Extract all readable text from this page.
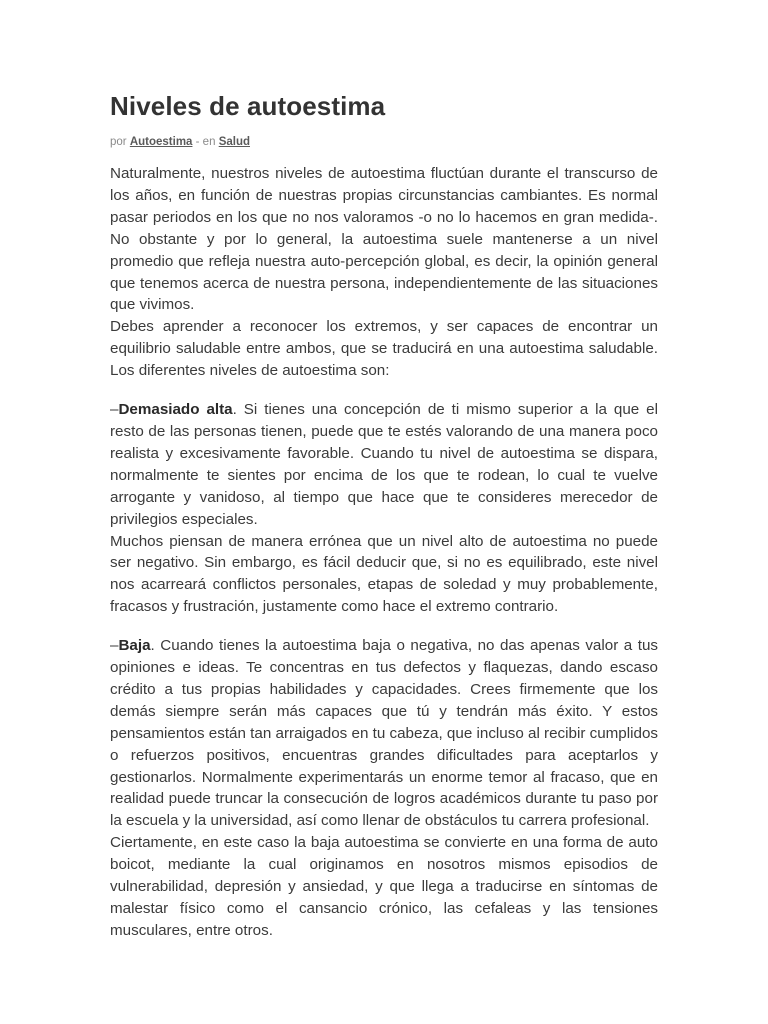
Niveles de autoestima
por Autoestima - en Salud

Naturalmente, nuestros niveles de autoestima fluctúan durante el transcurso de los años, en función de nuestras propias circunstancias cambiantes. Es normal pasar periodos en los que no nos valoramos -o no lo hacemos en gran medida-. No obstante y por lo general, la autoestima suele mantenerse a un nivel promedio que refleja nuestra auto-percepción global, es decir, la opinión general que tenemos acerca de nuestra persona, independientemente de las situaciones que vivimos.

Debes aprender a reconocer los extremos, y ser capaces de encontrar un equilibrio saludable entre ambos, que se traducirá en una autoestima saludable. Los diferentes niveles de autoestima son:

–Demasiado alta. Si tienes una concepción de ti mismo superior a la que el resto de las personas tienen, puede que te estés valorando de una manera poco realista y excesivamente favorable. Cuando tu nivel de autoestima se dispara, normalmente te sientes por encima de los que te rodean, lo cual te vuelve arrogante y vanidoso, al tiempo que hace que te consideres merecedor de privilegios especiales.

Muchos piensan de manera errónea que un nivel alto de autoestima no puede ser negativo. Sin embargo, es fácil deducir que, si no es equilibrado, este nivel nos acarreará conflictos personales, etapas de soledad y muy probablemente, fracasos y frustración, justamente como hace el extremo contrario.

–Baja. Cuando tienes la autoestima baja o negativa, no das apenas valor a tus opiniones e ideas. Te concentras en tus defectos y flaquezas, dando escaso crédito a tus propias habilidades y capacidades. Crees firmemente que los demás siempre serán más capaces que tú y tendrán más éxito. Y estos pensamientos están tan arraigados en tu cabeza, que incluso al recibir cumplidos o refuerzos positivos, encuentras grandes dificultades para aceptarlos y gestionarlos. Normalmente experimentarás un enorme temor al fracaso, que en realidad puede truncar la consecución de logros académicos durante tu paso por la escuela y la universidad, así como llenar de obstáculos tu carrera profesional.

Ciertamente, en este caso la baja autoestima se convierte en una forma de auto boicot, mediante la cual originamos en nosotros mismos episodios de vulnerabilidad, depresión y ansiedad, y que llega a traducirse en síntomas de malestar físico como el cansancio crónico, las cefaleas y las tensiones musculares, entre otros.
